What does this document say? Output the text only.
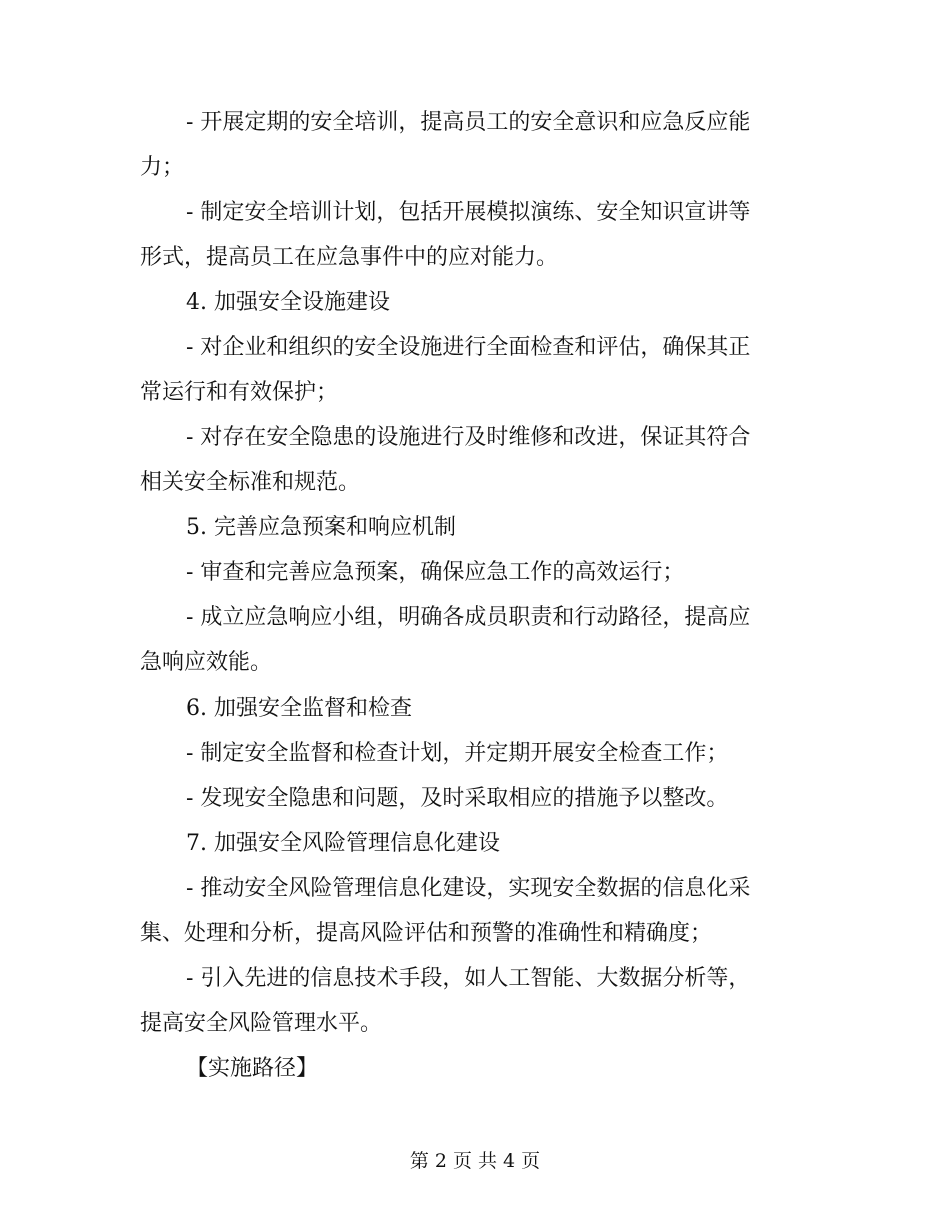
- 开展定期的安全培训，提高员工的安全意识和应急反应能
力；
- 制定安全培训计划，包括开展模拟演练、安全知识宣讲等
形式，提高员工在应急事件中的应对能力。
4. 加强安全设施建设
- 对企业和组织的安全设施进行全面检查和评估，确保其正
常运行和有效保护；
- 对存在安全隐患的设施进行及时维修和改进，保证其符合
相关安全标准和规范。
5. 完善应急预案和响应机制
- 审查和完善应急预案，确保应急工作的高效运行；
- 成立应急响应小组，明确各成员职责和行动路径，提高应
急响应效能。
6. 加强安全监督和检查
- 制定安全监督和检查计划，并定期开展安全检查工作；
- 发现安全隐患和问题，及时采取相应的措施予以整改。
7. 加强安全风险管理信息化建设
- 推动安全风险管理信息化建设，实现安全数据的信息化采
集、处理和分析，提高风险评估和预警的准确性和精确度；
- 引入先进的信息技术手段，如人工智能、大数据分析等，
提高安全风险管理水平。
【实施路径】
第 2 页 共 4 页
